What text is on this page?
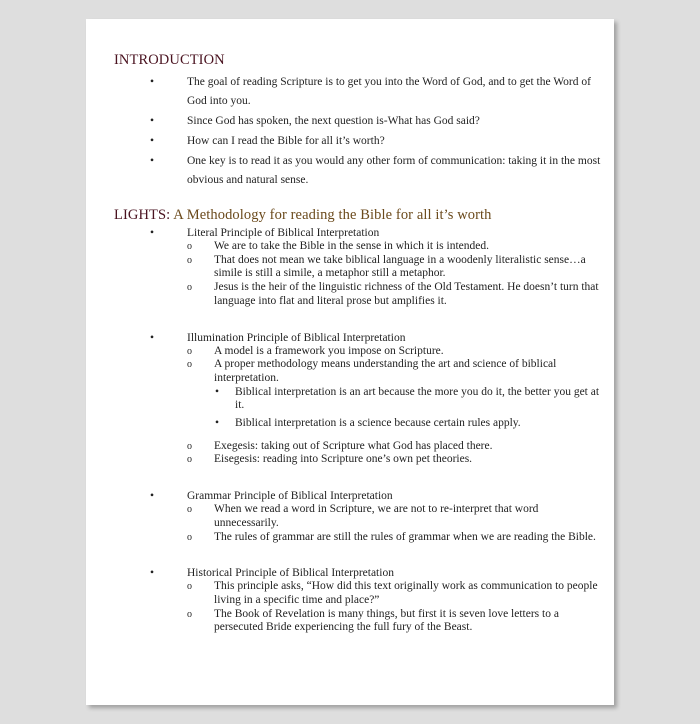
INTRODUCTION
•	The goal of reading Scripture is to get you into the Word of God, and to get the Word of God into you.
•	Since God has spoken, the next question is-What has God said?
•	How can I read the Bible for all it’s worth?
•	One key is to read it as you would any other form of communication: taking it in the most obvious and natural sense.
LIGHTS: A Methodology for reading the Bible for all it’s worth
•	Literal Principle of Biblical Interpretation
o We are to take the Bible in the sense in which it is intended.
o That does not mean we take biblical language in a woodenly literalistic sense…a simile is still a simile, a metaphor still a metaphor.
o Jesus is the heir of the linguistic richness of the Old Testament. He doesn’t turn that language into flat and literal prose but amplifies it.
•	Illumination Principle of Biblical Interpretation
o A model is a framework you impose on Scripture.
o A proper methodology means understanding the art and science of biblical interpretation.
• Biblical interpretation is an art because the more you do it, the better you get at it.
• Biblical interpretation is a science because certain rules apply.
o Exegesis: taking out of Scripture what God has placed there.
o Eisegesis: reading into Scripture one’s own pet theories.
•	Grammar Principle of Biblical Interpretation
o When we read a word in Scripture, we are not to re-interpret that word unnecessarily.
o The rules of grammar are still the rules of grammar when we are reading the Bible.
•	Historical Principle of Biblical Interpretation
o This principle asks, “How did this text originally work as communication to people living in a specific time and place?”
o The Book of Revelation is many things, but first it is seven love letters to a persecuted Bride experiencing the full fury of the Beast.
